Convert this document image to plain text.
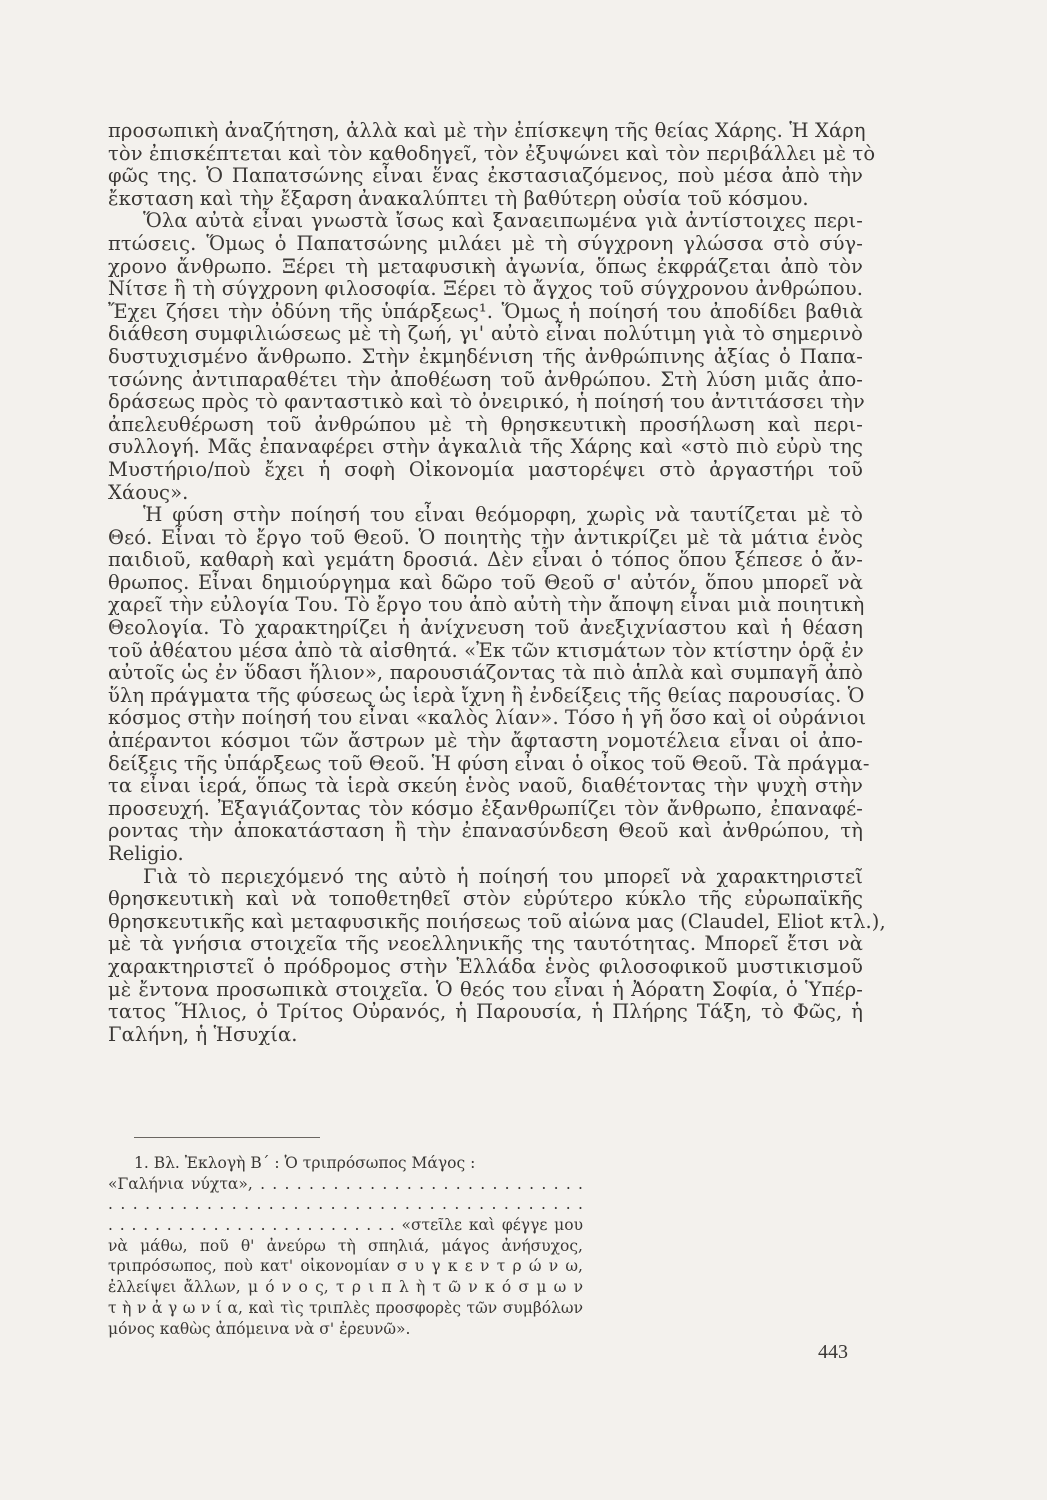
προσωπικὴ ἀναζήτηση, ἀλλὰ καὶ μὲ τὴν ἐπίσκεψη τῆς θείας Χάρης. Ἡ Χάρη
τὸν ἐπισκέπτεται καὶ τὸν καθοδηγεῖ, τὸν ἐξυψώνει καὶ τὸν περιβάλλει μὲ τὸ
φῶς της. Ὁ Παπατσώνης εἶναι ἕνας ἐκστασιαζόμενος, ποὺ μέσα ἀπὸ τὴν
ἔκσταση καὶ τὴν ἔξαρση ἀνακαλύπτει τὴ βαθύτερη οὐσία τοῦ κόσμου.
Ὅλα αὐτὰ εἶναι γνωστὰ ἴσως καὶ ξαναειπωμένα γιὰ ἀντίστοιχες περι-
πτώσεις. Ὅμως ὁ Παπατσώνης μιλάει μὲ τὴ σύγχρονη γλώσσα στὸ σύγ-
χρονο ἄνθρωπο. Ξέρει τὴ μεταφυσικὴ ἀγωνία, ὅπως ἐκφράζεται ἀπὸ τὸν
Νίτσε ἢ τὴ σύγχρονη φιλοσοφία. Ξέρει τὸ ἄγχος τοῦ σύγχρονου ἀνθρώπου.
Ἔχει ζήσει τὴν ὀδύνη τῆς ὑπάρξεως¹. Ὅμως ἡ ποίησή του ἀποδίδει βαθιὰ
διάθεση συμφιλιώσεως μὲ τὴ ζωή, γι' αὐτὸ εἶναι πολύτιμη γιὰ τὸ σημερινὸ
δυστυχισμένο ἄνθρωπο. Στὴν ἐκμηδένιση τῆς ἀνθρώπινης ἀξίας ὁ Παπα-
τσώνης ἀντιπαραθέτει τὴν ἀποθέωση τοῦ ἀνθρώπου. Στὴ λύση μιᾶς ἀπο-
δράσεως πρὸς τὸ φανταστικὸ καὶ τὸ ὀνειρικό, ἡ ποίησή του ἀντιτάσσει τὴν
ἀπελευθέρωση τοῦ ἀνθρώπου μὲ τὴ θρησκευτικὴ προσήλωση καὶ περι-
συλλογή. Μᾶς ἐπαναφέρει στὴν ἀγκαλιὰ τῆς Χάρης καὶ «στὸ πιὸ εὐρὺ της
Μυστήριο/ποὺ ἔχει ἡ σοφὴ Οἰκονομία μαστορέψει στὸ ἀργαστήρι τοῦ
Χάους».
Ἡ φύση στὴν ποίησή του εἶναι θεόμορφη, χωρὶς νὰ ταυτίζεται μὲ τὸ
Θεό. Εἶναι τὸ ἔργο τοῦ Θεοῦ. Ὁ ποιητὴς τὴν ἀντικρίζει μὲ τὰ μάτια ἑνὸς
παιδιοῦ, καθαρὴ καὶ γεμάτη δροσιά. Δὲν εἶναι ὁ τόπος ὅπου ξέπεσε ὁ ἄν-
θρωπος. Εἶναι δημιούργημα καὶ δῶρο τοῦ Θεοῦ σ' αὐτόν, ὅπου μπορεῖ νὰ
χαρεῖ τὴν εὐλογία Του. Τὸ ἔργο του ἀπὸ αὐτὴ τὴν ἄποψη εἶναι μιὰ ποιητικὴ
Θεολογία. Τὸ χαρακτηρίζει ἡ ἀνίχνευση τοῦ ἀνεξιχνίαστου καὶ ἡ θέαση
τοῦ ἀθέατου μέσα ἀπὸ τὰ αἰσθητά. «Ἐκ τῶν κτισμάτων τὸν κτίστην ὁρᾷ ἐν
αὐτοῖς ὡς ἐν ὕδασι ἥλιον», παρουσιάζοντας τὰ πιὸ ἁπλὰ καὶ συμπαγῆ ἀπὸ
ὕλη πράγματα τῆς φύσεως ὡς ἱερὰ ἴχνη ἢ ἐνδείξεις τῆς θείας παρουσίας. Ὁ
κόσμος στὴν ποίησή του εἶναι «καλὸς λίαν». Τόσο ἡ γῆ ὅσο καὶ οἱ οὐράνιοι
ἀπέραντοι κόσμοι τῶν ἄστρων μὲ τὴν ἄφταστη νομοτέλεια εἶναι οἱ ἀπο-
δείξεις τῆς ὑπάρξεως τοῦ Θεοῦ. Ἡ φύση εἶναι ὁ οἶκος τοῦ Θεοῦ. Τὰ πράγμα-
τα εἶναι ἱερά, ὅπως τὰ ἱερὰ σκεύη ἑνὸς ναοῦ, διαθέτοντας τὴν ψυχὴ στὴν
προσευχή. Ἐξαγιάζοντας τὸν κόσμο ἐξανθρωπίζει τὸν ἄνθρωπο, ἐπαναφέ-
ροντας τὴν ἀποκατάσταση ἢ τὴν ἐπανασύνδεση Θεοῦ καὶ ἀνθρώπου, τὴ
Religio.
Γιὰ τὸ περιεχόμενό της αὐτὸ ἡ ποίησή του μπορεῖ νὰ χαρακτηριστεῖ
θρησκευτικὴ καὶ νὰ τοποθετηθεῖ στὸν εὐρύτερο κύκλο τῆς εὐρωπαϊκῆς
θρησκευτικῆς καὶ μεταφυσικῆς ποιήσεως τοῦ αἰώνα μας (Claudel, Eliot κτλ.),
μὲ τὰ γνήσια στοιχεῖα τῆς νεοελληνικῆς της ταυτότητας. Μπορεῖ ἔτσι νὰ
χαρακτηριστεῖ ὁ πρόδρομος στὴν Ἑλλάδα ἑνὸς φιλοσοφικοῦ μυστικισμοῦ
μὲ ἔντονα προσωπικὰ στοιχεῖα. Ὁ θεός του εἶναι ἡ Ἀόρατη Σοφία, ὁ Ὑπέρ-
τατος Ἥλιος, ὁ Τρίτος Οὐρανός, ἡ Παρουσία, ἡ Πλήρης Τάξη, τὸ Φῶς, ἡ
Γαλήνη, ἡ Ἡσυχία.
1. Βλ. Ἐκλογὴ Β΄ : Ὁ τριπρόσωπος Μάγος :
«Γαλήνια νύχτα», . . . . . . . . . . . . . . . . . . . . . . . . . . .
. . . . . . . . . . . . . . . . . . . . . . . . . . . . . . . . . . . . . . .
. . . . . . . . . . . . . . . . . . . . . . . . . «στεῖλε καὶ φέγγε μου
νὰ μάθω, ποῦ θ' ἀνεύρω τὴ σπηλιά, μάγος ἀνήσυχος,
τριπρόσωπος, ποὺ κατ' οἰκονομίαν σ υ γ κ ε ν τ ρ ώ ν ω,
ἐλλείψει ἄλλων, μ ό ν ο ς, τ ρ ι π λ ὴ τ ῶ ν κ ό σ μ ω ν
τ ὴ ν ἀ γ ω ν ί α, καὶ τὶς τριπλὲς προσφορὲς τῶν συμβόλων
μόνος καθὼς ἀπόμεινα νὰ σ' ἐρευνῶ».
443
